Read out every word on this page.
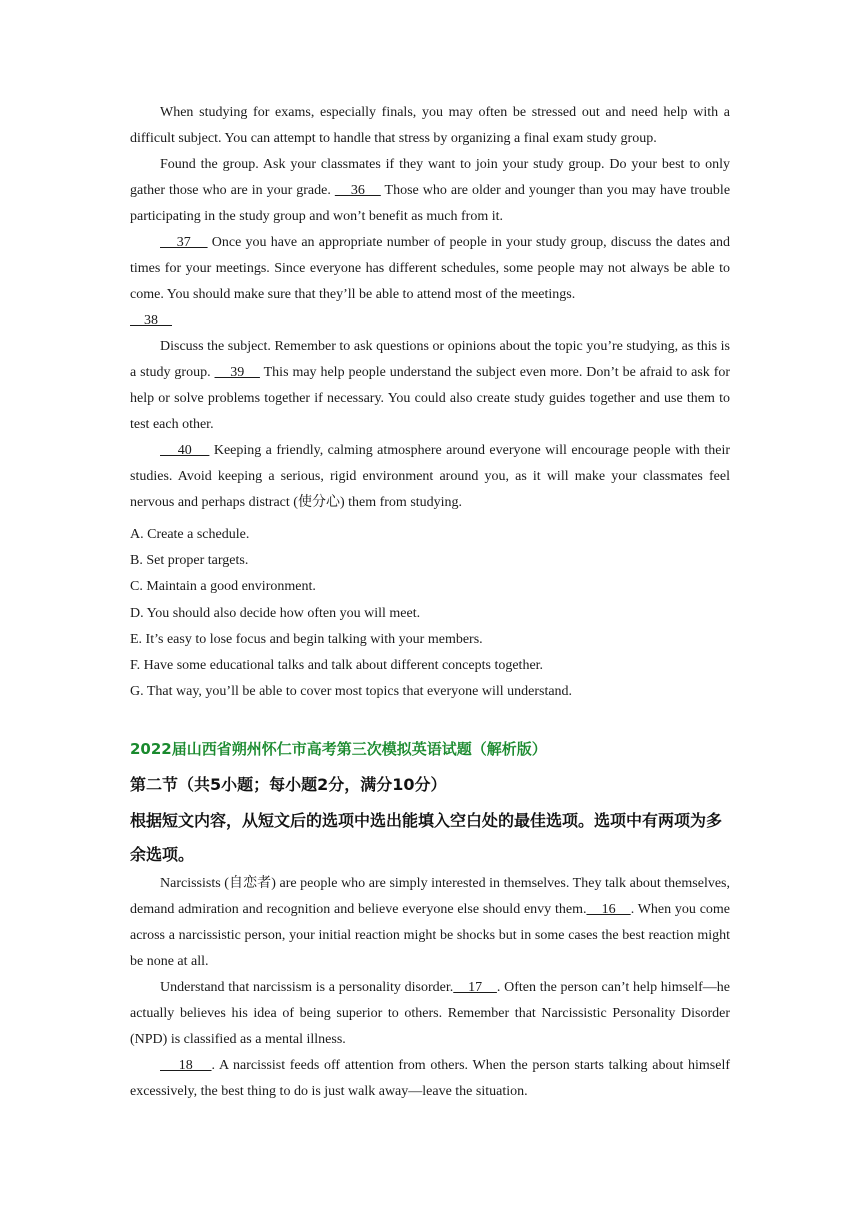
When studying for exams, especially finals, you may often be stressed out and need help with a difficult subject. You can attempt to handle that stress by organizing a final exam study group.

Found the group. Ask your classmates if they want to join your study group. Do your best to only gather those who are in your grade.     36     Those who are older and younger than you may have trouble participating in the study group and won’t benefit as much from it.

37     Once you have an appropriate number of people in your study group, discuss the dates and times for your meetings. Since everyone has different schedules, some people may not always be able to come. You should make sure that they’ll be able to attend most of the meetings.

38

Discuss the subject. Remember to ask questions or opinions about the topic you’re studying, as this is a study group.     39     This may help people understand the subject even more. Don’t be afraid to ask for help or solve problems together if necessary. You could also create study guides together and use them to test each other.

40     Keeping a friendly, calming atmosphere around everyone will encourage people with their studies. Avoid keeping a serious, rigid environment around you, as it will make your classmates feel nervous and perhaps distract (使分心) them from studying.

A. Create a schedule.
B. Set proper targets.
C. Maintain a good environment.
D. You should also decide how often you will meet.
E. It’s easy to lose focus and begin talking with your members.
F. Have some educational talks and talk about different concepts together.
G. That way, you’ll be able to cover most topics that everyone will understand.
2022届山西省朔州怀仁市高考第三次模拟英语试题（解析版）
第二节（共5小题；每小题2分，满分10分）
根据短文内容，从短文后的选项中选出能填入空白处的最佳选项。选项中有两项为多余选项。

Narcissists (自恋者) are people who are simply interested in themselves. They talk about themselves, demand admiration and recognition and believe everyone else should envy them.    16    . When you come across a narcissistic person, your initial reaction might be shocks but in some cases the best reaction might be none at all.

Understand that narcissism is a personality disorder.    17    . Often the person can’t help himself—he actually believes his idea of being superior to others. Remember that Narcissistic Personality Disorder (NPD) is classified as a mental illness.

18    . A narcissist feeds off attention from others. When the person starts talking about himself excessively, the best thing to do is just walk away—leave the situation.
